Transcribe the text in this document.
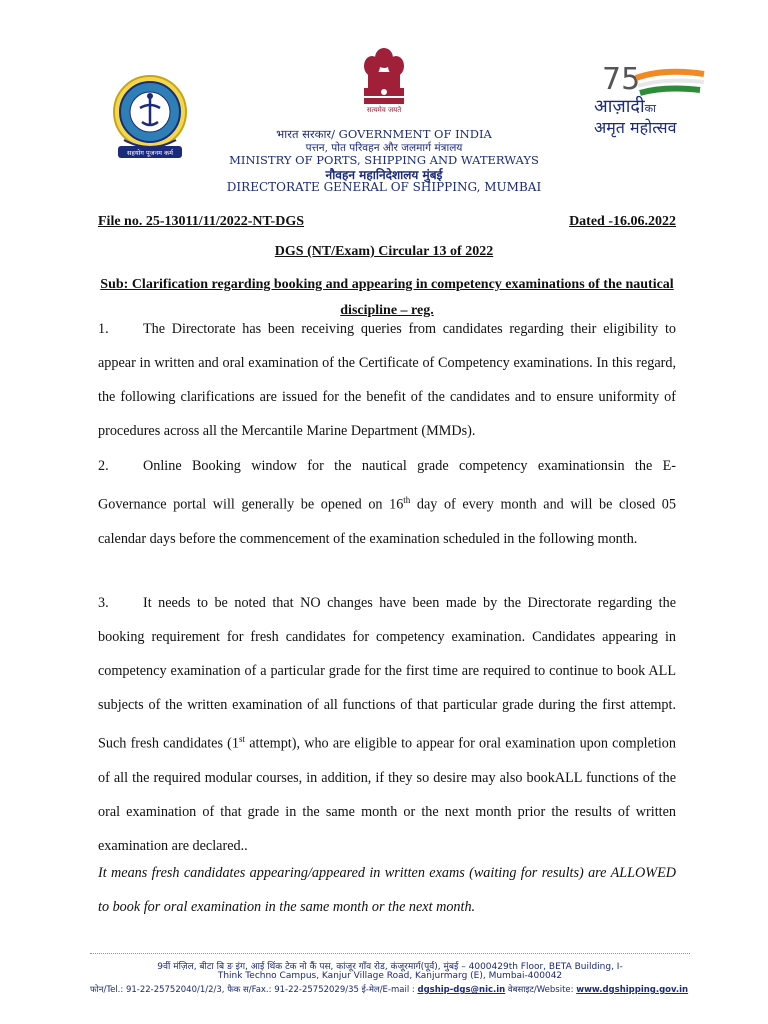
सहयोग पूजनम कर्म
सत्यमेव जयते
75
आज़ादीका
अमृत महोत्सव
भारत सरकार/ GOVERNMENT OF INDIA
पत्तन, पोत परिवहन और जलमार्ग मंत्रालय
MINISTRY OF PORTS, SHIPPING AND WATERWAYS
नौवहन महानिदेशालय मुंबई
DIRECTORATE GENERAL OF SHIPPING, MUMBAI
File no. 25-13011/11/2022-NT-DGS	Dated -16.06.2022
DGS (NT/Exam) Circular 13 of 2022
Sub: Clarification regarding booking and appearing in competency examinations of the nautical discipline – reg.
1. The Directorate has been receiving queries from candidates regarding their eligibility to appear in written and oral examination of the Certificate of Competency examinations. In this regard, the following clarifications are issued for the benefit of the candidates and to ensure uniformity of procedures across all the Mercantile Marine Department (MMDs).
2. Online Booking window for the nautical grade competency examinationsin the E-Governance portal will generally be opened on 16th day of every month and will be closed 05 calendar days before the commencement of the examination scheduled in the following month.
3. It needs to be noted that NO changes have been made by the Directorate regarding the booking requirement for fresh candidates for competency examination. Candidates appearing in competency examination of a particular grade for the first time are required to continue to book ALL subjects of the written examination of all functions of that particular grade during the first attempt. Such fresh candidates (1st attempt), who are eligible to appear for oral examination upon completion of all the required modular courses, in addition, if they so desire may also bookALL functions of the oral examination of that grade in the same month or the next month prior the results of written examination are declared..
It means fresh candidates appearing/appeared in written exams (waiting for results) are ALLOWED to book for oral examination in the same month or the next month.
9वीं मंज़िल, बीटा बि ङ इंग, आई थिंक टेक नो कैं पस, कांजूर गाँव रोड, कंजूरमार्ग(पूर्व), मुंबई – 4000429th Floor, BETA Building, I-
Think Techno Campus, Kanjur Village Road, Kanjurmarg (E), Mumbai-400042
फोन/Tel.: 91-22-25752040/1/2/3, फैक स/Fax.: 91-22-25752029/35 ई-मेल/E-mail : dgship-dgs@nic.in वेबसाइट/Website: www.dgshipping.gov.in
